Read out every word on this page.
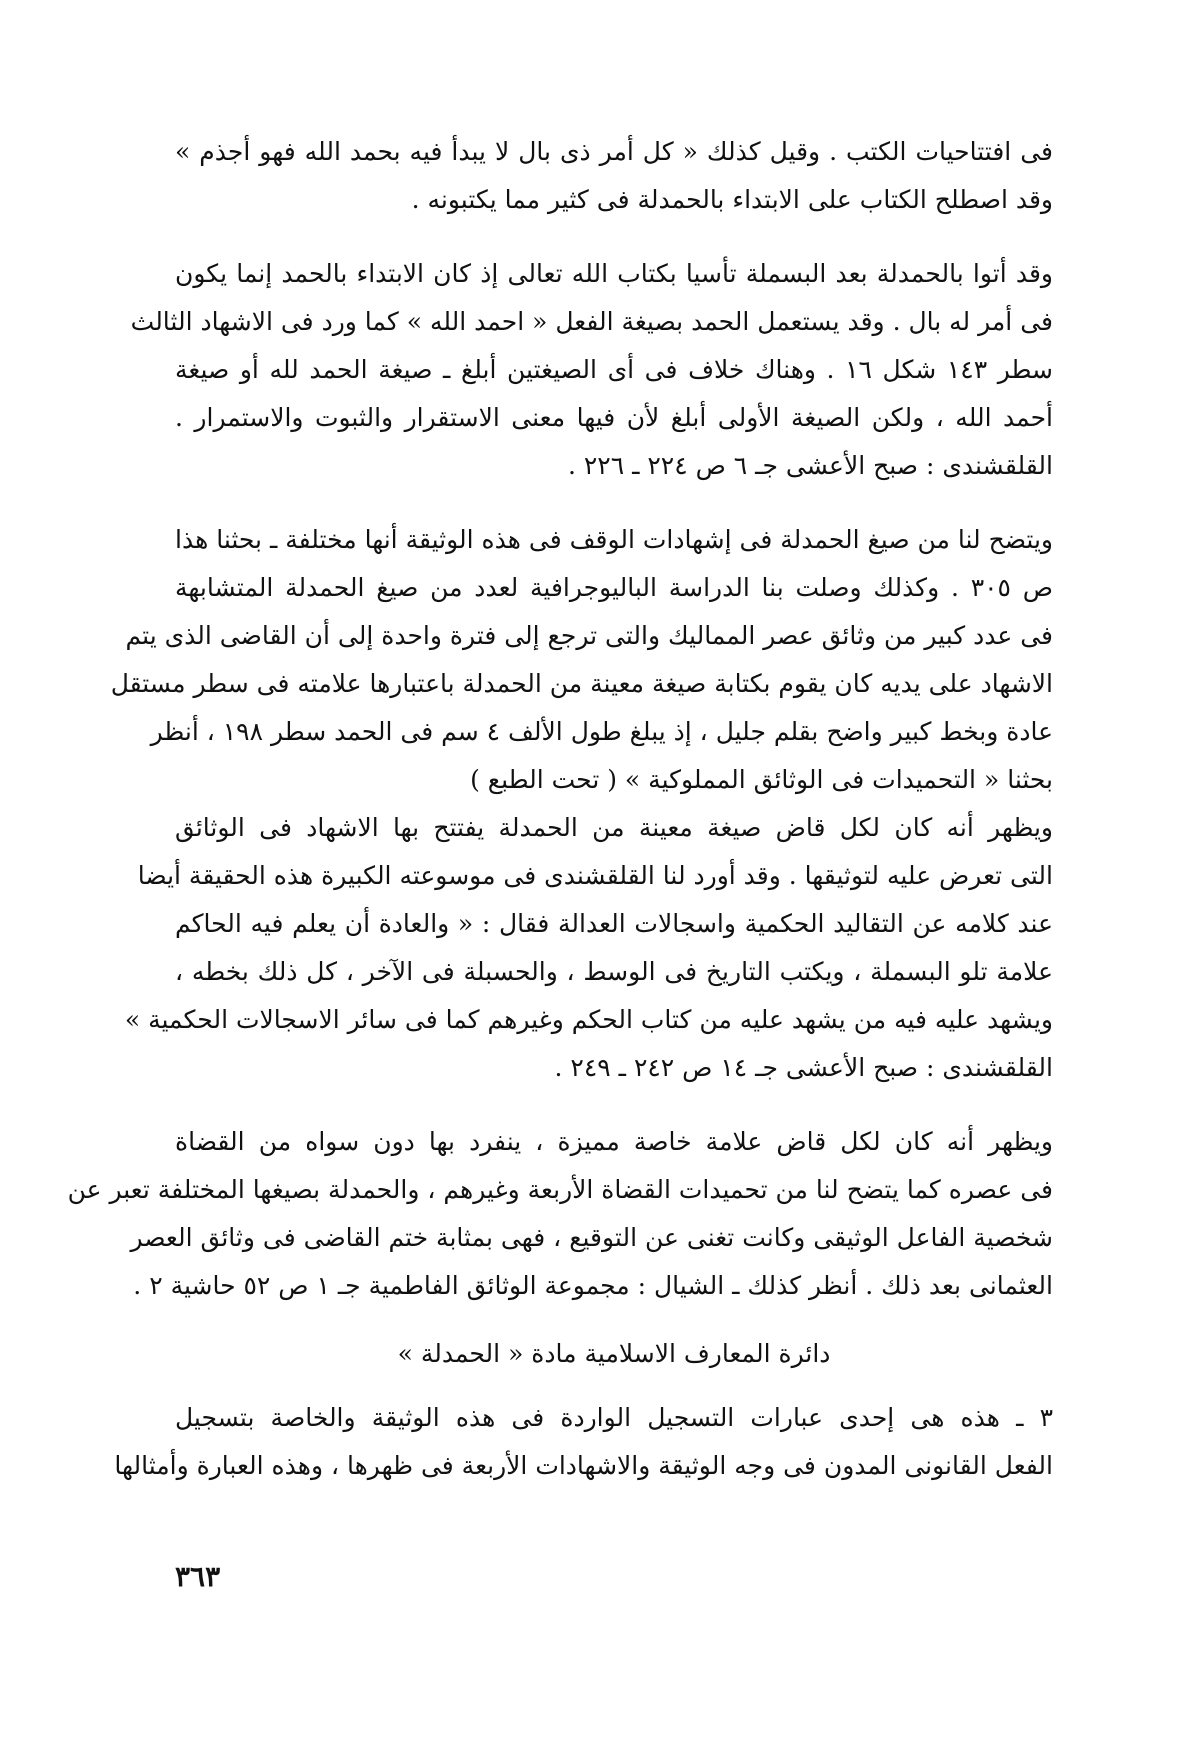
فى افتتاحيات الكتب . وقيل كذلك « كل أمر ذى بال لا يبدأ فيه بحمد الله فهو أجذم »
وقد اصطلح الكتاب على الابتداء بالحمدلة فى كثير مما يكتبونه .
وقد أتوا بالحمدلة بعد البسملة تأسيا بكتاب الله تعالى إذ كان الابتداء بالحمد إنما يكون
فى أمر له بال . وقد يستعمل الحمد بصيغة الفعل « احمد الله » كما ورد فى الاشهاد الثالث
سطر ١٤٣ شكل ١٦ . وهناك خلاف فى أى الصيغتين أبلغ ـ صيغة الحمد لله أو صيغة
أحمد الله ، ولكن الصيغة الأولى أبلغ لأن فيها معنى الاستقرار والثبوت والاستمرار .
القلقشندى : صبح الأعشى جـ ٦ ص ٢٢٤ ـ ٢٢٦ .
ويتضح لنا من صيغ الحمدلة فى إشهادات الوقف فى هذه الوثيقة أنها مختلفة ـ بحثنا هذا
ص ٣٠٥ . وكذلك وصلت بنا الدراسة الباليوجرافية لعدد من صيغ الحمدلة المتشابهة
فى عدد كبير من وثائق عصر المماليك والتى ترجع إلى فترة واحدة إلى أن القاضى الذى يتم
الاشهاد على يديه كان يقوم بكتابة صيغة معينة من الحمدلة باعتبارها علامته فى سطر مستقل
عادة وبخط كبير واضح بقلم جليل ، إذ يبلغ طول الألف ٤ سم فى الحمد سطر ١٩٨ ، أنظر
بحثنا « التحميدات فى الوثائق المملوكية » ( تحت الطبع )
ويظهر أنه كان لكل قاض صيغة معينة من الحمدلة يفتتح بها الاشهاد فى الوثائق
التى تعرض عليه لتوثيقها . وقد أورد لنا القلقشندى فى موسوعته الكبيرة هذه الحقيقة أيضا
عند كلامه عن التقاليد الحكمية واسجالات العدالة فقال : « والعادة أن يعلم فيه الحاكم
علامة تلو البسملة ، ويكتب التاريخ فى الوسط ، والحسبلة فى الآخر ، كل ذلك بخطه ،
ويشهد عليه فيه من يشهد عليه من كتاب الحكم وغيرهم كما فى سائر الاسجالات الحكمية »
القلقشندى : صبح الأعشى جـ ١٤ ص ٢٤٢ ـ ٢٤٩ .
ويظهر أنه كان لكل قاض علامة خاصة مميزة ، ينفرد بها دون سواه من القضاة
فى عصره كما يتضح لنا من تحميدات القضاة الأربعة وغيرهم ، والحمدلة بصيغها المختلفة تعبر عن
شخصية الفاعل الوثيقى وكانت تغنى عن التوقيع ، فهى بمثابة ختم القاضى فى وثائق العصر
العثمانى بعد ذلك . أنظر كذلك ـ الشيال : مجموعة الوثائق الفاطمية جـ ١ ص ٥٢ حاشية ٢ .
دائرة المعارف الاسلامية مادة « الحمدلة »
٣ ـ هذه هى إحدى عبارات التسجيل الواردة فى هذه الوثيقة والخاصة بتسجيل
الفعل القانونى المدون فى وجه الوثيقة والاشهادات الأربعة فى ظهرها ، وهذه العبارة وأمثالها
٣٦٣
